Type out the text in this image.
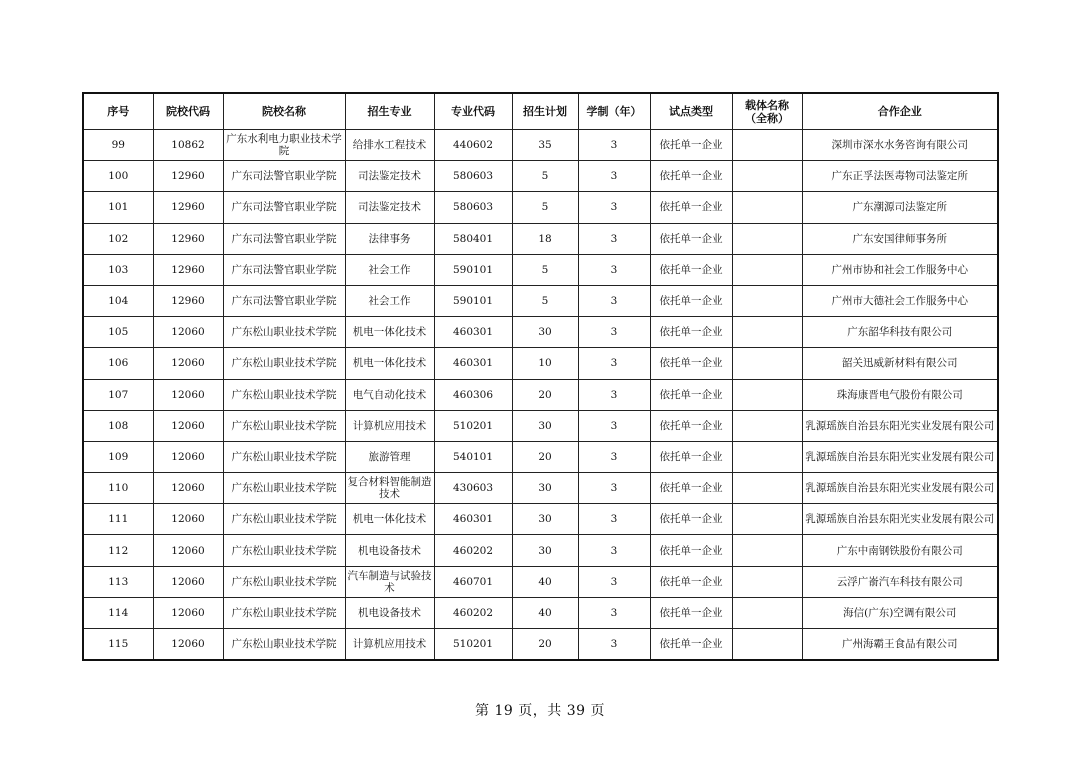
序号	院校代码	院校名称	招生专业	专业代码	招生计划	学制（年）	试点类型	载体名称（全称）	合作企业
99	10862	广东水利电力职业技术学院	给排水工程技术	440602	35	3	依托单一企业		深圳市深水水务咨询有限公司
100	12960	广东司法警官职业学院	司法鉴定技术	580603	5	3	依托单一企业		广东正孚法医毒物司法鉴定所
101	12960	广东司法警官职业学院	司法鉴定技术	580603	5	3	依托单一企业		广东潮源司法鉴定所
102	12960	广东司法警官职业学院	法律事务	580401	18	3	依托单一企业		广东安国律师事务所
103	12960	广东司法警官职业学院	社会工作	590101	5	3	依托单一企业		广州市协和社会工作服务中心
104	12960	广东司法警官职业学院	社会工作	590101	5	3	依托单一企业		广州市大德社会工作服务中心
105	12060	广东松山职业技术学院	机电一体化技术	460301	30	3	依托单一企业		广东韶华科技有限公司
106	12060	广东松山职业技术学院	机电一体化技术	460301	10	3	依托单一企业		韶关迅威新材料有限公司
107	12060	广东松山职业技术学院	电气自动化技术	460306	20	3	依托单一企业		珠海康晋电气股份有限公司
108	12060	广东松山职业技术学院	计算机应用技术	510201	30	3	依托单一企业		乳源瑶族自治县东阳光实业发展有限公司
109	12060	广东松山职业技术学院	旅游管理	540101	20	3	依托单一企业		乳源瑶族自治县东阳光实业发展有限公司
110	12060	广东松山职业技术学院	复合材料智能制造技术	430603	30	3	依托单一企业		乳源瑶族自治县东阳光实业发展有限公司
111	12060	广东松山职业技术学院	机电一体化技术	460301	30	3	依托单一企业		乳源瑶族自治县东阳光实业发展有限公司
112	12060	广东松山职业技术学院	机电设备技术	460202	30	3	依托单一企业		广东中南钢铁股份有限公司
113	12060	广东松山职业技术学院	汽车制造与试验技术	460701	40	3	依托单一企业		云浮广嵛汽车科技有限公司
114	12060	广东松山职业技术学院	机电设备技术	460202	40	3	依托单一企业		海信(广东)空调有限公司
115	12060	广东松山职业技术学院	计算机应用技术	510201	20	3	依托单一企业		广州海霸王食品有限公司
第 19 页，共 39 页
